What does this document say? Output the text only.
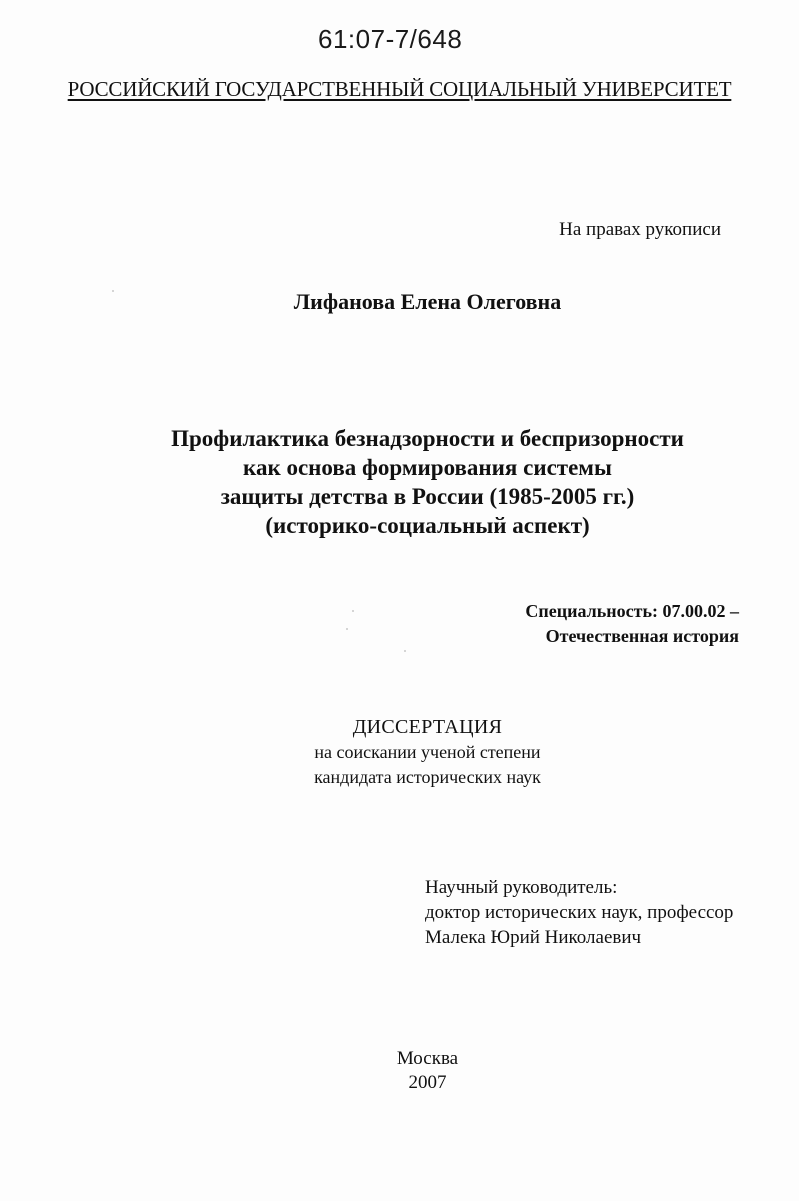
61:07-7/648
РОССИЙСКИЙ ГОСУДАРСТВЕННЫЙ СОЦИАЛЬНЫЙ УНИВЕРСИТЕТ
На правах рукописи
Лифанова Елена Олеговна
Профилактика безнадзорности и беспризорности
как основа формирования системы
защиты детства в России (1985-2005 гг.)
(историко-социальный аспект)
Специальность: 07.00.02 –
Отечественная история
ДИССЕРТАЦИЯ
на соискании ученой степени
кандидата исторических наук
Научный руководитель:
доктор исторических наук, профессор
Малека Юрий Николаевич
Москва
2007
